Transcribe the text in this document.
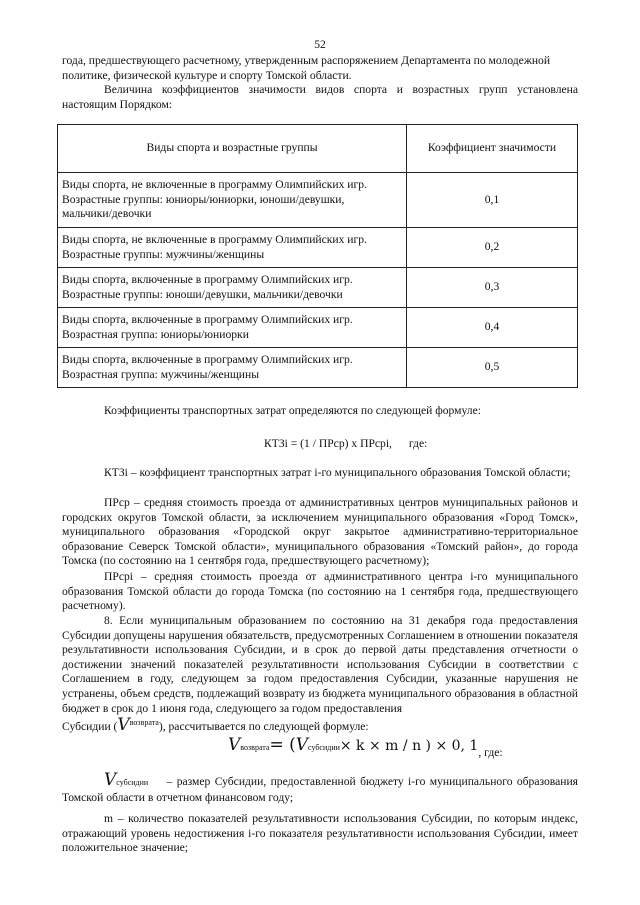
52
года, предшествующего расчетному, утвержденным распоряжением Департамента по молодежной
политике, физической культуре и спорту Томской области.
Величина коэффициентов значимости видов спорта и возрастных групп установлена настоящим Порядком:
Виды спорта и возрастные группы	Коэффициент значимости

Виды спорта, не включенные в программу Олимпийских игр.
Возрастные группы: юниоры/юниорки, юноши/девушки,
мальчики/девочки	0,1

Виды спорта, не включенные в программу Олимпийских игр.
Возрастные группы: мужчины/женщины	0,2

Виды спорта, включенные в программу Олимпийских игр.
Возрастные группы: юноши/девушки, мальчики/девочки	0,3

Виды спорта, включенные в программу Олимпийских игр.
Возрастная группа: юниоры/юниорки	0,4

Виды спорта, включенные в программу Олимпийских игр.
Возрастная группа: мужчины/женщины	0,5
Коэффициенты транспортных затрат определяются по следующей формуле:
КТЗi = (1 / ПРср) х ПРсрi, где:
КТЗi – коэффициент транспортных затрат i-го муниципального образования Томской области;
ПРср – средняя стоимость проезда от административных центров муниципальных районов и городских округов Томской области, за исключением муниципального образования «Город Томск», муниципального образования «Городской округ закрытое административно-территориальное образование Северск Томской области», муниципального образования «Томский район», до города Томска (по состоянию на 1 сентября года, предшествующего расчетному);
ПРсрi – средняя стоимость проезда от административного центра i-го муниципального образования Томской области до города Томска (по состоянию на 1 сентября года, предшествующего расчетному).
8. Если муниципальным образованием по состоянию на 31 декабря года предоставления Субсидии допущены нарушения обязательств, предусмотренных Соглашением в отношении показателя результативности использования Субсидии, и в срок до первой даты представления отчетности о достижении значений показателей результативности использования Субсидии в соответствии с Соглашением в году, следующем за годом предоставления Субсидии, указанные нарушения не устранены, объем средств, подлежащий возврату из бюджета муниципального образования в областной бюджет в срок до 1 июня года, следующего за годом предоставления
Субсидии $(V^{возврата})$, рассчитывается по следующей формуле:
Vвозврата= (Vсубсидии× k × m / n ) × 0, 1, где:
Vсубсидии – размер Субсидии, предоставленной бюджету i-го муниципального образования Томской области в отчетном финансовом году;
m – количество показателей результативности использования Субсидии, по которым индекс, отражающий уровень недостижения i-го показателя результативности использования Субсидии, имеет положительное значение;
